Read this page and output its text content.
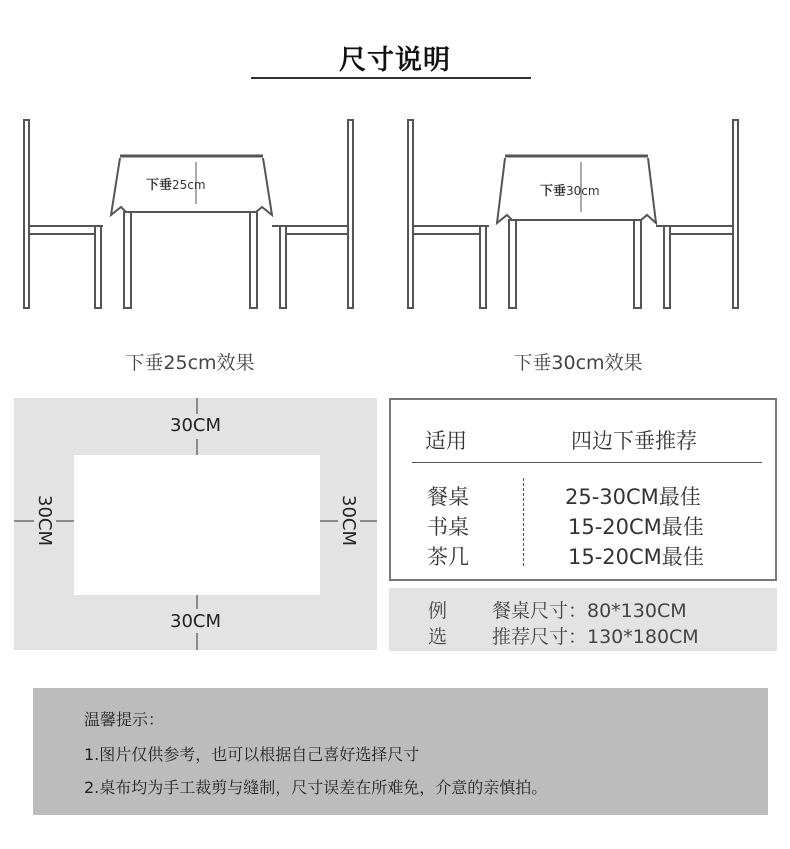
尺寸说明
下垂25cm	下垂30cm
下垂25cm效果	下垂30cm效果
30CM
30CM
30CM	30CM
适用	四边下垂推荐
餐桌	25-30CM最佳
书桌	15-20CM最佳
茶几	15-20CM最佳
例
选
餐桌尺寸：80*130CM
推荐尺寸：130*180CM
温馨提示：
1.图片仅供参考，也可以根据自己喜好选择尺寸
2.桌布均为手工裁剪与缝制，尺寸误差在所难免，介意的亲慎拍。
